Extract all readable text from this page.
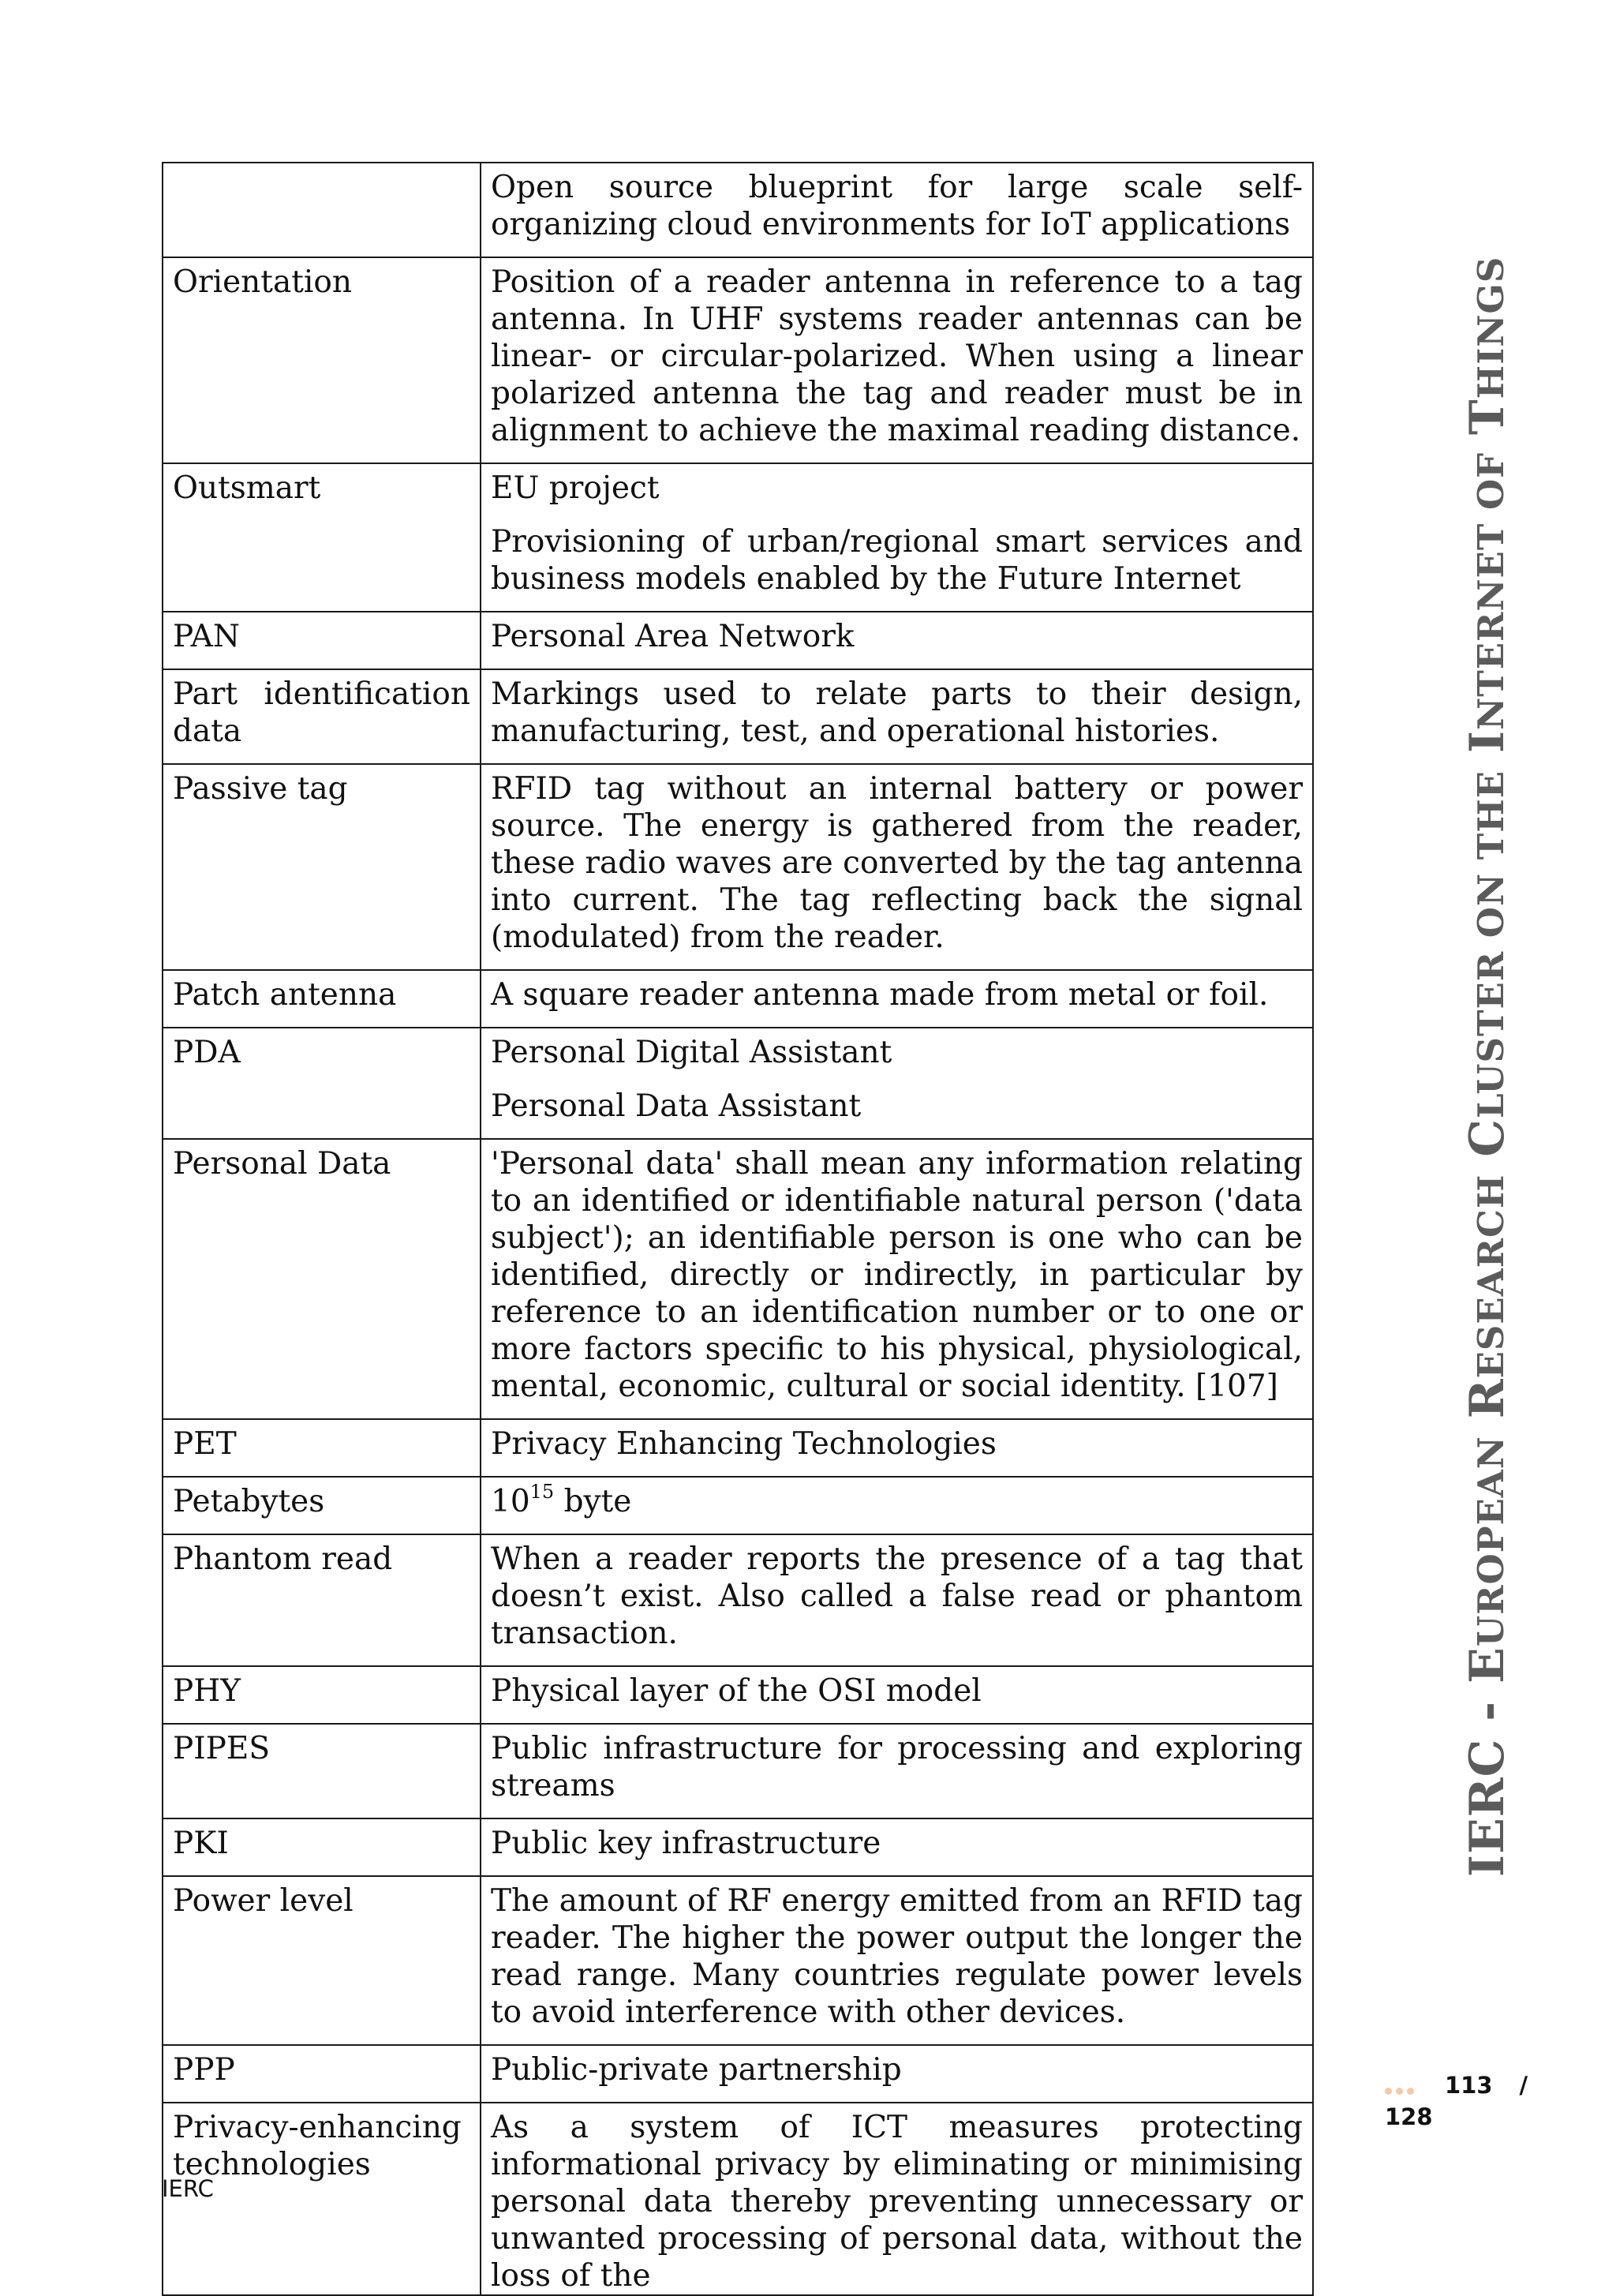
	Open source blueprint for large scale self-organizing cloud environments for IoT applications

Orientation	Position of a reader antenna in reference to a tag antenna. In UHF systems reader antennas can be linear- or circular-polarized. When using a linear polarized antenna the tag and reader must be in alignment to achieve the maximal reading distance.

Outsmart	EU project

Provisioning of urban/regional smart services and business models enabled by the Future Internet

PAN	Personal Area Network

Part identification data	Markings used to relate parts to their design, manufacturing, test, and operational histories.

Passive tag	RFID tag without an internal battery or power source. The energy is gathered from the reader, these radio waves are converted by the tag antenna into current. The tag reflecting back the signal (modulated) from the reader.

Patch antenna	A square reader antenna made from metal or foil.

PDA	Personal Digital Assistant

Personal Data Assistant

Personal Data	'Personal data' shall mean any information relating to an identified or identifiable natural person ('data subject'); an identifiable person is one who can be identified, directly or indirectly, in particular by reference to an identification number or to one or more factors specific to his physical, physiological, mental, economic, cultural or social identity. [107]

PET	Privacy Enhancing Technologies

Petabytes	$10^{15}$ byte

Phantom read	When a reader reports the presence of a tag that doesn’t exist. Also called a false read or phantom transaction.

PHY	Physical layer of the OSI model

PIPES	Public infrastructure for processing and exploring streams

PKI	Public key infrastructure

Power level	The amount of RF energy emitted from an RFID tag reader. The higher the power output the longer the read range. Many countries regulate power levels to avoid interference with other devices.

PPP	Public-private partnership

Privacy-enhancing technologies	As a system of ICT measures protecting informational privacy by eliminating or minimising personal data thereby preventing unnecessary or unwanted processing of personal data, without the loss of the

IERC - EUROPEAN RESEARCH CLUSTER ON THE INTERNET OF THINGS
113 /
128
IERC
